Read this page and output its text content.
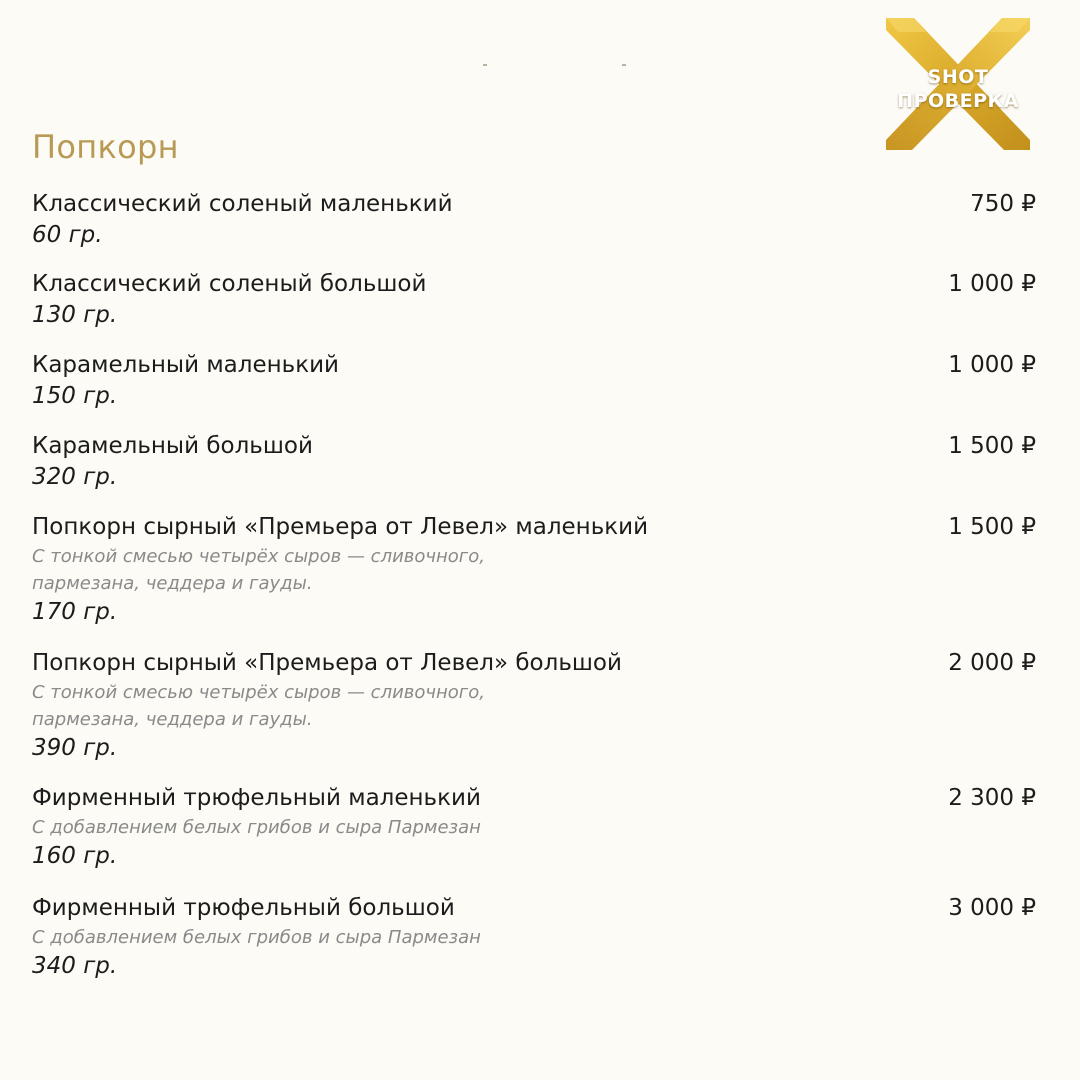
SHOT
ПРОВЕРКА
Попкорн
Классический соленый маленький
60 гр.
750 ₽
Классический соленый большой
130 гр.
1 000 ₽
Карамельный маленький
150 гр.
1 000 ₽
Карамельный большой
320 гр.
1 500 ₽
Попкорн сырный «Премьера от Левел» маленький
С тонкой смесью четырёх сыров — сливочного, пармезана, чеддера и гауды.
170 гр.
1 500 ₽
Попкорн сырный «Премьера от Левел» большой
С тонкой смесью четырёх сыров — сливочного, пармезана, чеддера и гауды.
390 гр.
2 000 ₽
Фирменный трюфельный маленький
С добавлением белых грибов и сыра Пармезан
160 гр.
2 300 ₽
Фирменный трюфельный большой
С добавлением белых грибов и сыра Пармезан
340 гр.
3 000 ₽
